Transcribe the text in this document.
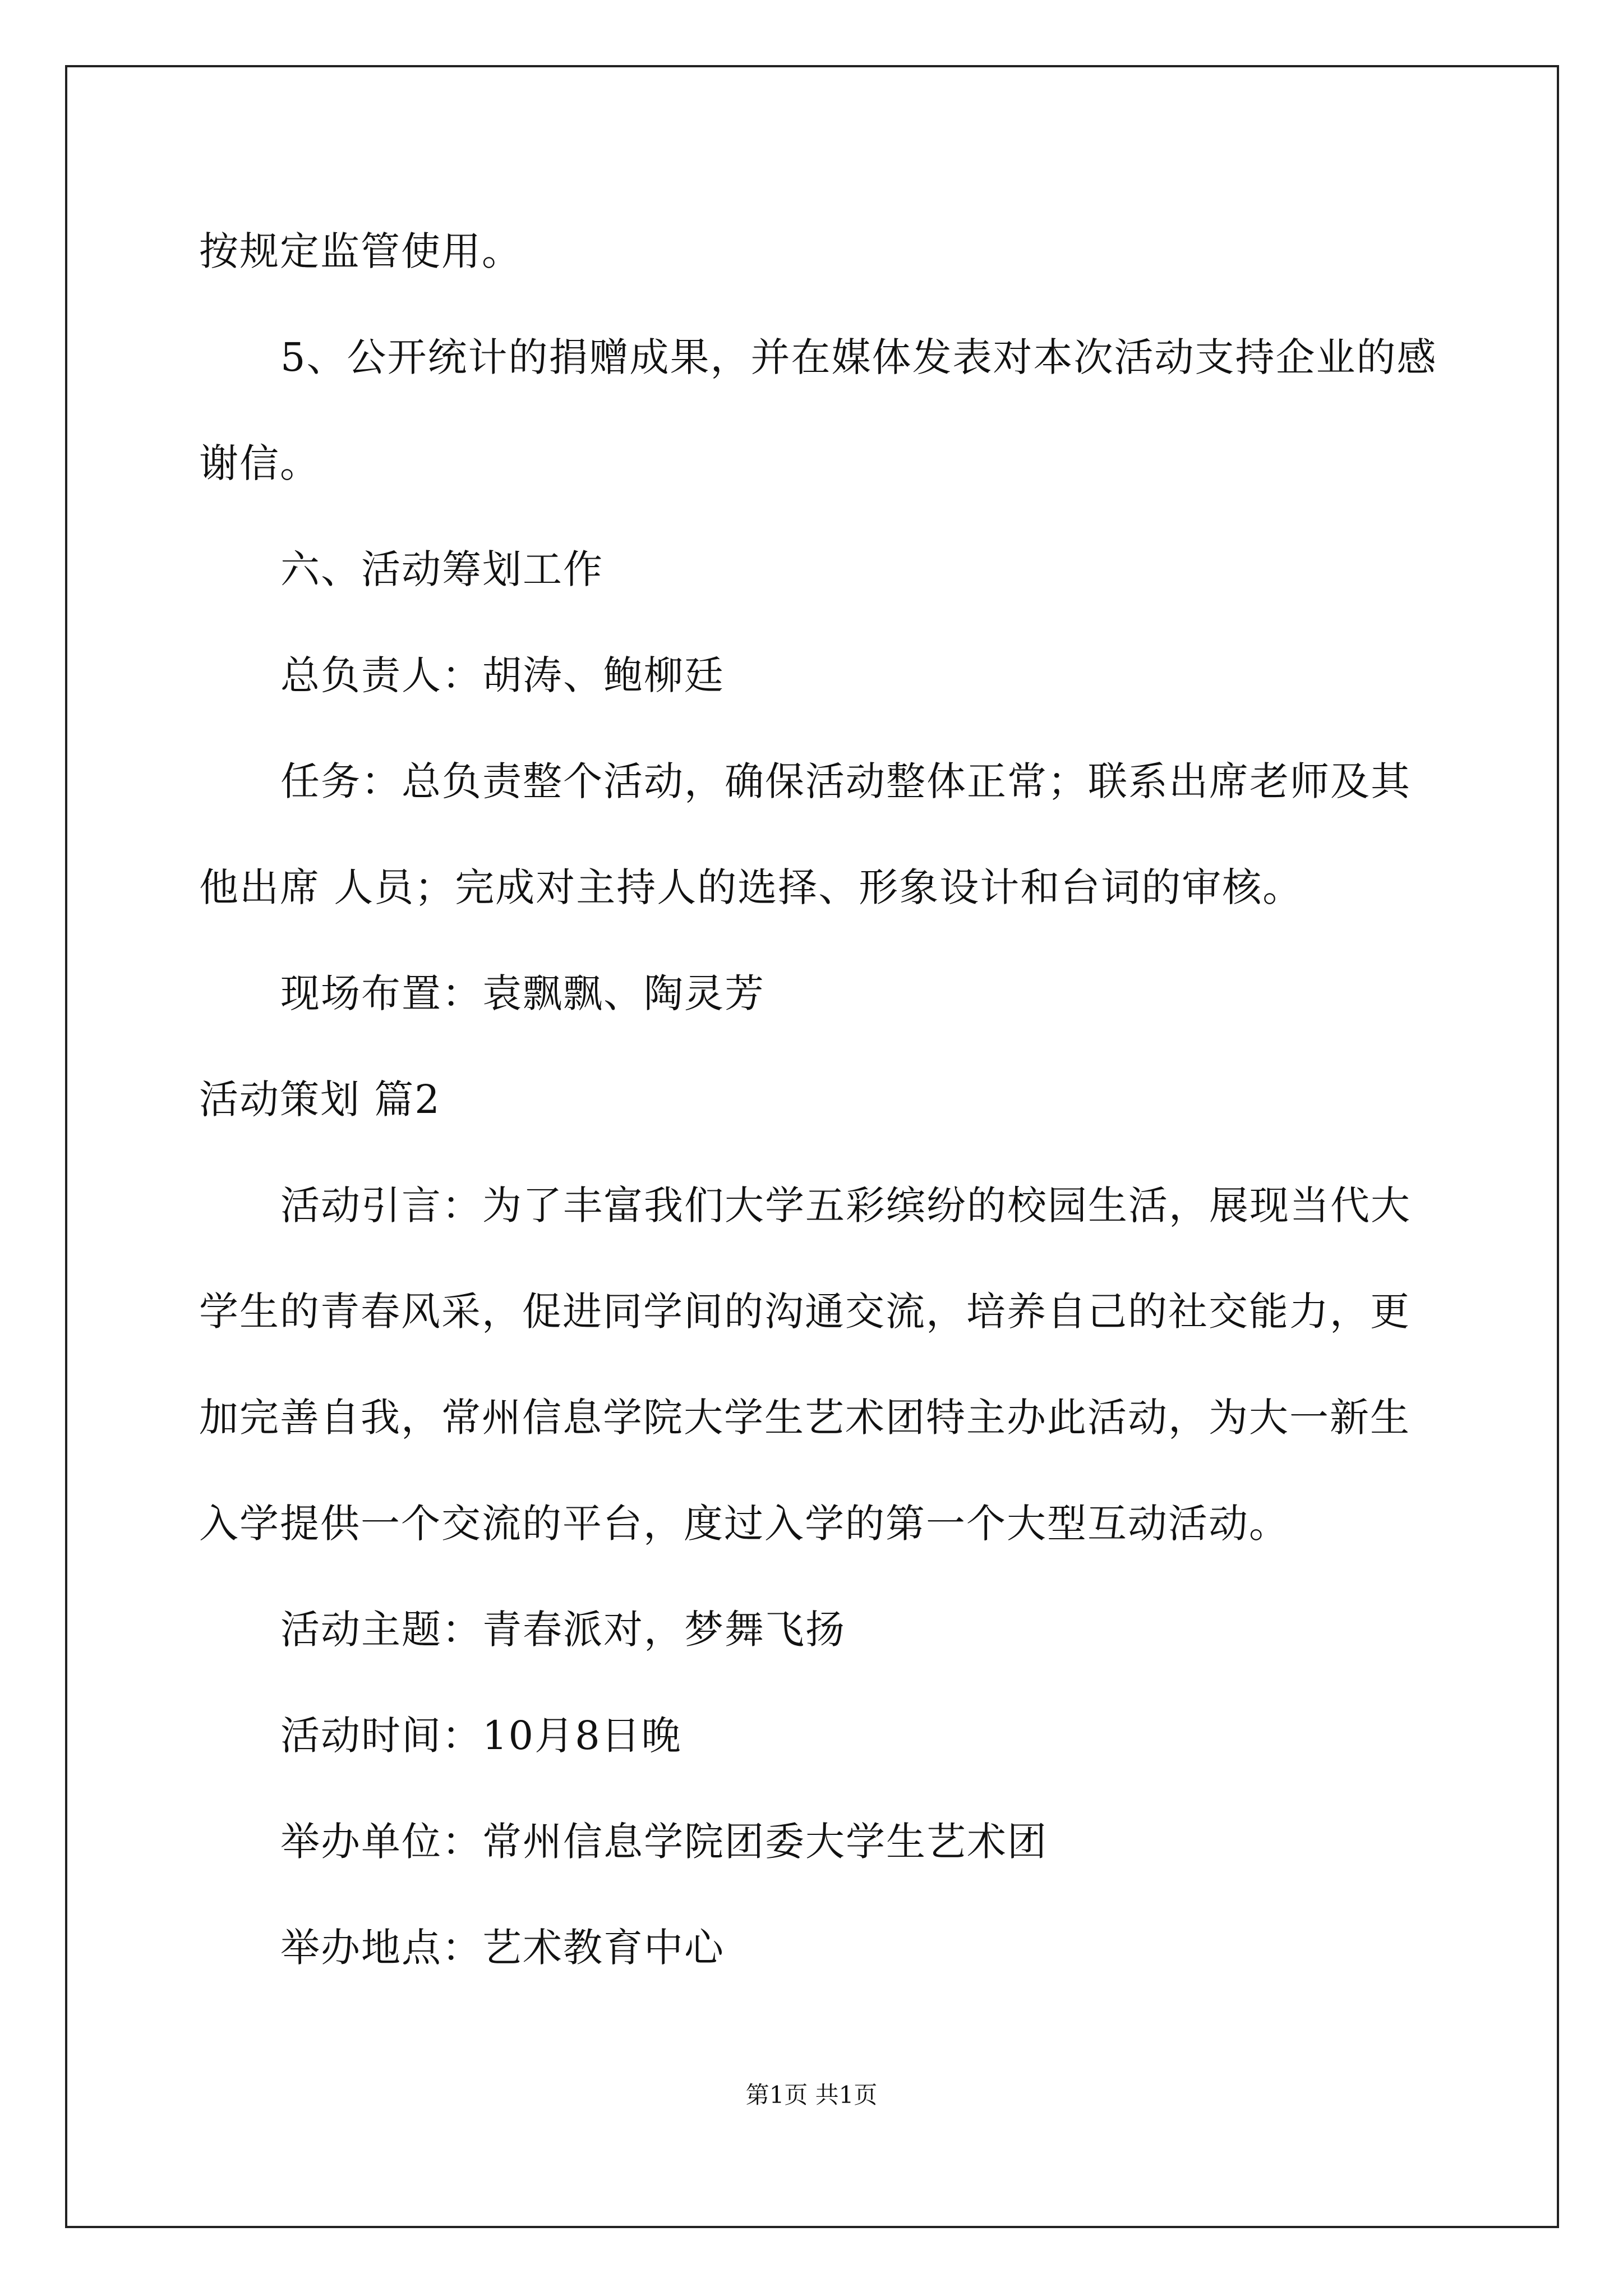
按规定监管使用。
5、公开统计的捐赠成果，并在媒体发表对本次活动支持企业的感
谢信。
六、活动筹划工作
总负责人：胡涛、鲍柳廷
任务：总负责整个活动，确保活动整体正常；联系出席老师及其
他出席 人员；完成对主持人的选择、形象设计和台词的审核。
现场布置：袁飘飘、陶灵芳
活动策划 篇2
活动引言：为了丰富我们大学五彩缤纷的校园生活，展现当代大
学生的青春风采，促进同学间的沟通交流，培养自己的社交能力，更
加完善自我，常州信息学院大学生艺术团特主办此活动，为大一新生
入学提供一个交流的平台，度过入学的第一个大型互动活动。
活动主题：青春派对，梦舞飞扬
活动时间：10月8日晚
举办单位：常州信息学院团委大学生艺术团
举办地点：艺术教育中心
第1页 共1页
